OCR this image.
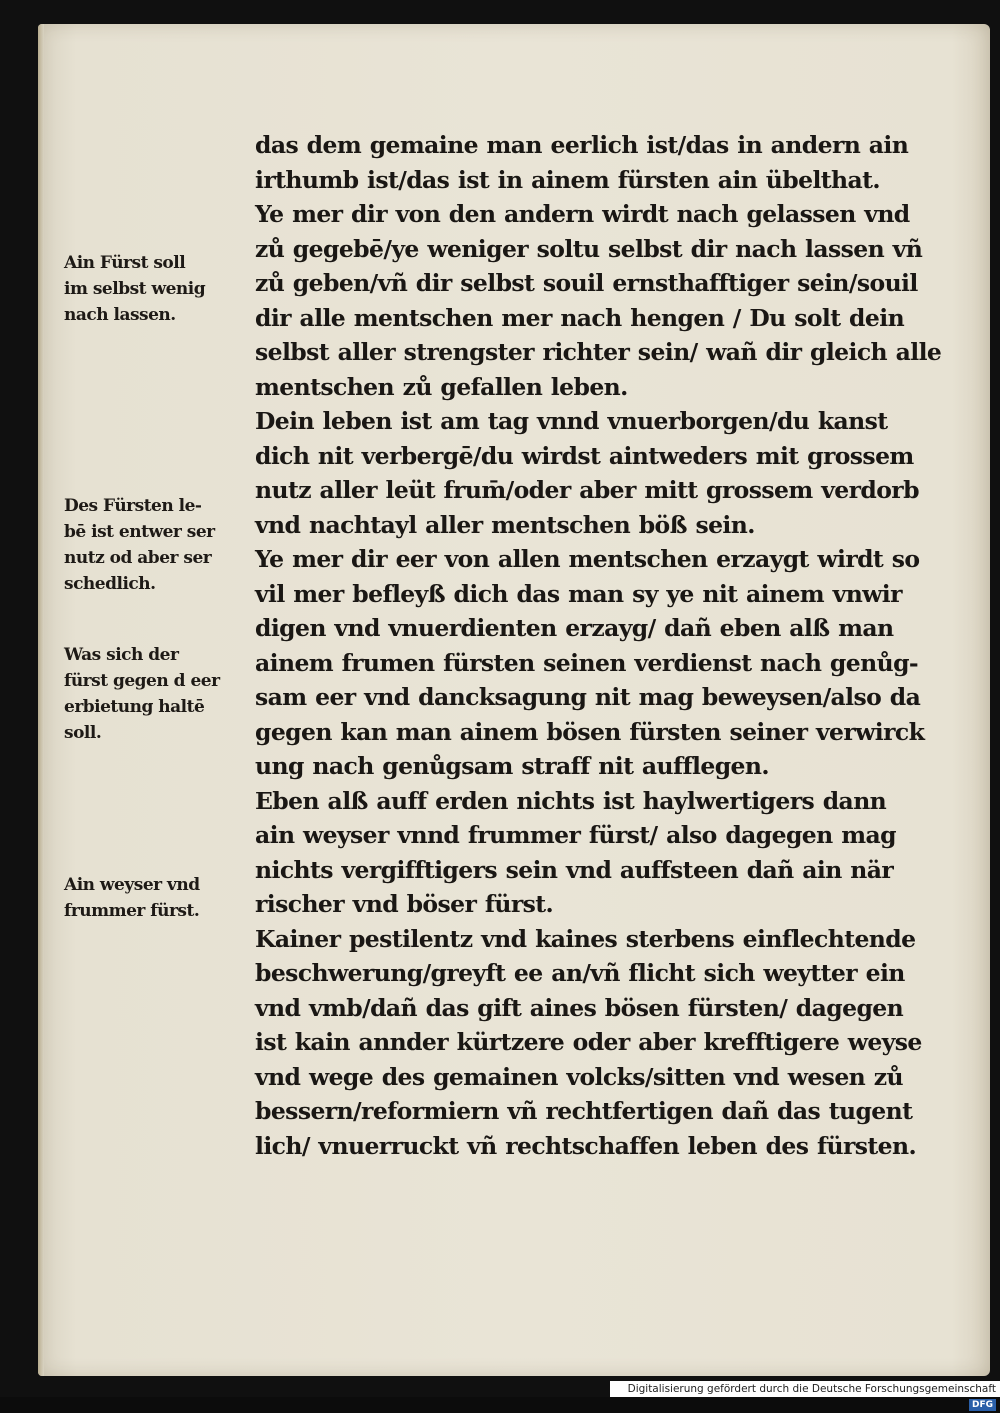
das dem gemaine man eerlich ist/das in andern ain
irthumb ist/das ist in ainem fürsten ain übelthat.
Ye mer dir von den andern wirdt nach gelassen vnd
zů gegebē/ye weniger soltu selbst dir nach lassen vñ
zů geben/vñ dir selbst souil ernsthafftiger sein/souil
dir alle mentschen mer nach hengen / Du solt dein
selbst aller strengster richter sein/ wañ dir gleich alle
mentschen zů gefallen leben.
Dein leben ist am tag vnnd vnuerborgen/du kanst
dich nit verbergē/du wirdst aintweders mit grossem
nutz aller leüt frum̄/oder aber mitt grossem verdorb
vnd nachtayl aller mentschen böß sein.
Ye mer dir eer von allen mentschen erzaygt wirdt so
vil mer befleyß dich das man sy ye nit ainem vnwir
digen vnd vnuerdienten erzayg/ dañ eben alß man
ainem frumen fürsten seinen verdienst nach genůg-
sam eer vnd dancksagung nit mag beweysen/also da
gegen kan man ainem bösen fürsten seiner verwirck
ung nach genůgsam straff nit aufflegen.
Eben alß auff erden nichts ist haylwertigers dann
ain weyser vnnd frummer fürst/ also dagegen mag
nichts vergifftigers sein vnd auffsteen dañ ain när
rischer vnd böser fürst.
Kainer pestilentz vnd kaines sterbens einflechtende
beschwerung/greyft ee an/vñ flicht sich weytter ein
vnd vmb/dañ das gift aines bösen fürsten/ dagegen
ist kain annder kürtzere oder aber krefftigere weyse
vnd wege des gemainen volcks/sitten vnd wesen zů
bessern/reformiern vñ rechtfertigen dañ das tugent
lich/ vnuerruckt vñ rechtschaffen leben des fürsten.
Ain Fürst soll
im selbst wenig
nach lassen.
Des Fürsten le-
bē ist entwer ser
nutz od aber ser
schedlich.
Was sich der
fürst gegen d eer
erbietung haltē
soll.
Ain weyser vnd
frummer fürst.
Digitalisierung gefördert durch die Deutsche Forschungsgemeinschaft DFG
